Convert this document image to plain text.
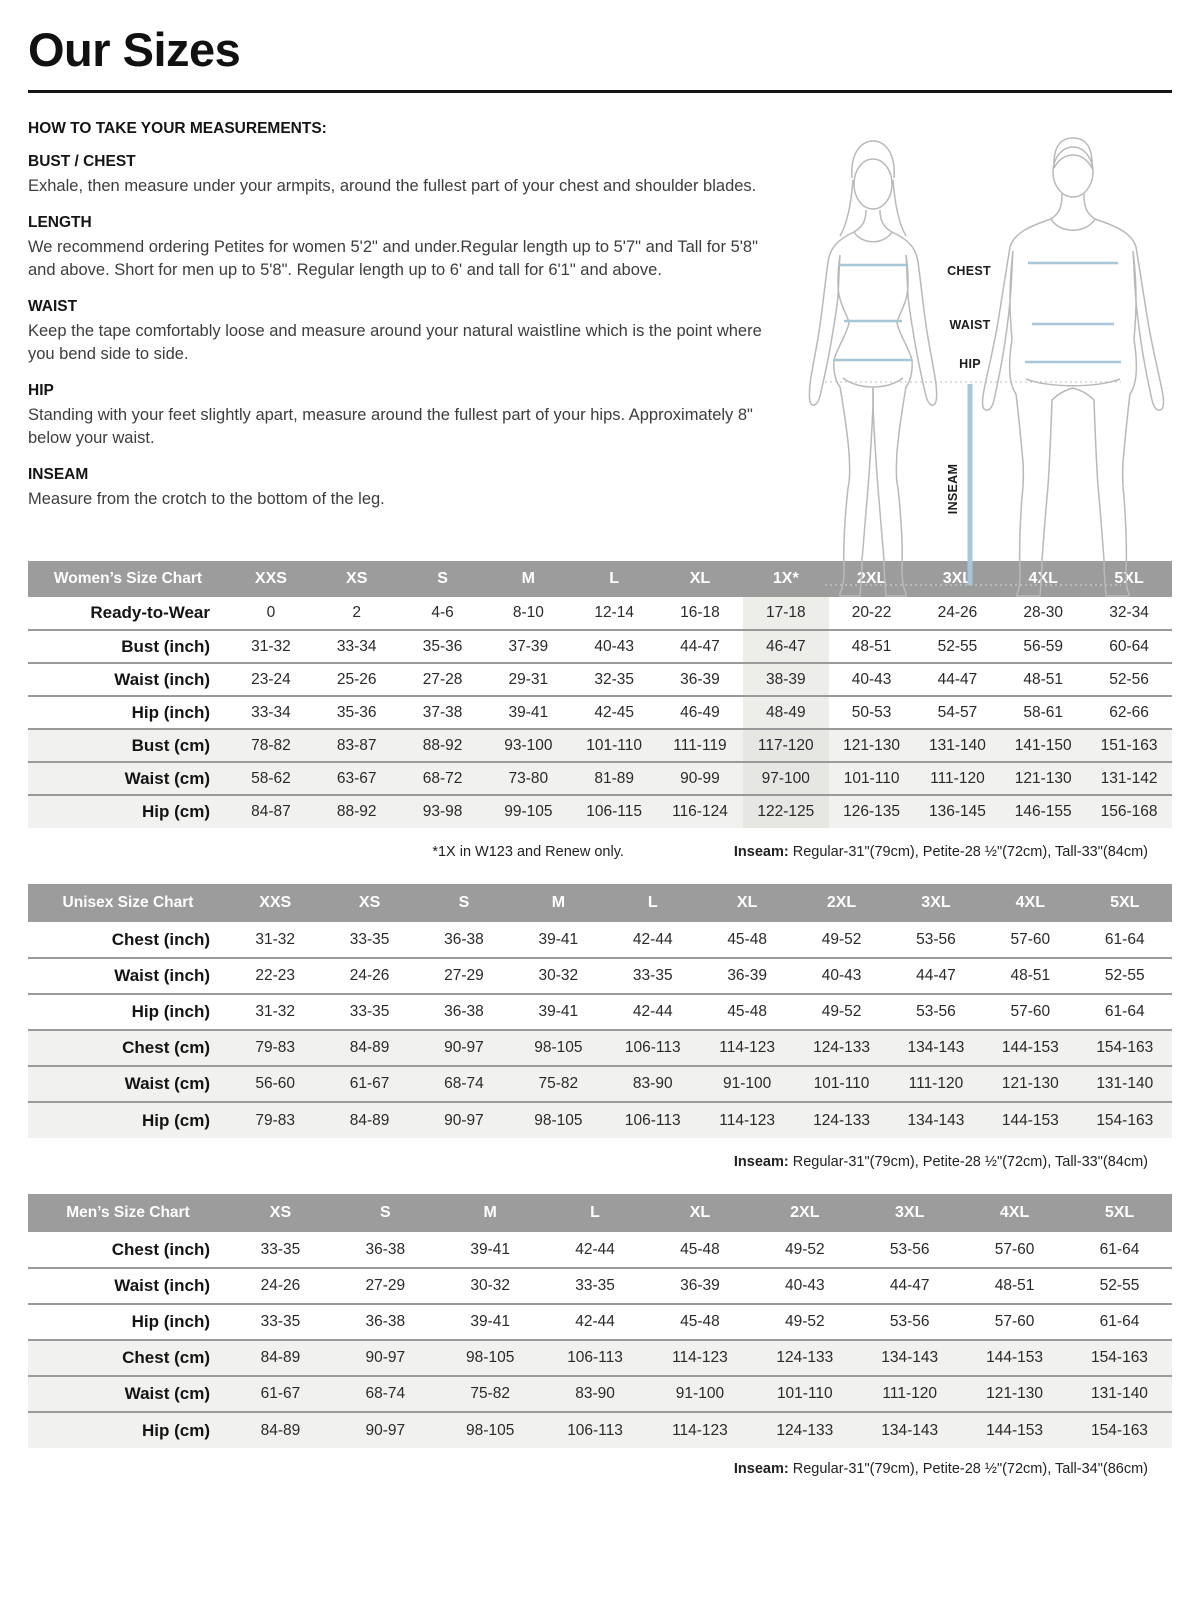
Our Sizes

HOW TO TAKE YOUR MEASUREMENTS:

BUST / CHEST

Exhale, then measure under your armpits, around the fullest part of your chest and shoulder blades.

LENGTH

We recommend ordering Petites for women 5'2" and under.Regular length up to 5'7" and Tall for 5'8" and above. Short for men up to 5'8". Regular length up to 6' and tall for 6'1" and above.

WAIST

Keep the tape comfortably loose and measure around your natural waistline which is the point where you bend side to side.

HIP

Standing with your feet slightly apart, measure around the fullest part of your hips. Approximately 8" below your waist.

INSEAM

Measure from the crotch to the bottom of the leg.

Women’s Size Chart	XXS	XS	S	M	L	XL	1X*	2XL	3XL	4XL	5XL
Ready-to-Wear	0	2	4-6	8-10	12-14	16-18	17-18	20-22	24-26	28-30	32-34
Bust (inch)	31-32	33-34	35-36	37-39	40-43	44-47	46-47	48-51	52-55	56-59	60-64
Waist (inch)	23-24	25-26	27-28	29-31	32-35	36-39	38-39	40-43	44-47	48-51	52-56
Hip (inch)	33-34	35-36	37-38	39-41	42-45	46-49	48-49	50-53	54-57	58-61	62-66
Bust (cm)	78-82	83-87	88-92	93-100	101-110	111-119	117-120	121-130	131-140	141-150	151-163
Waist (cm)	58-62	63-67	68-72	73-80	81-89	90-99	97-100	101-110	111-120	121-130	131-142
Hip (cm)	84-87	88-92	93-98	99-105	106-115	116-124	122-125	126-135	136-145	146-155	156-168
*1X in W123 and Renew only.	Inseam: Regular-31"(79cm), Petite-28 ½"(72cm), Tall-33"(84cm)
Unisex Size Chart	XXS	XS	S	M	L	XL	2XL	3XL	4XL	5XL
Chest (inch)	31-32	33-35	36-38	39-41	42-44	45-48	49-52	53-56	57-60	61-64
Waist (inch)	22-23	24-26	27-29	30-32	33-35	36-39	40-43	44-47	48-51	52-55
Hip (inch)	31-32	33-35	36-38	39-41	42-44	45-48	49-52	53-56	57-60	61-64
Chest (cm)	79-83	84-89	90-97	98-105	106-113	114-123	124-133	134-143	144-153	154-163
Waist (cm)	56-60	61-67	68-74	75-82	83-90	91-100	101-110	111-120	121-130	131-140
Hip (cm)	79-83	84-89	90-97	98-105	106-113	114-123	124-133	134-143	144-153	154-163
Inseam: Regular-31"(79cm), Petite-28 ½"(72cm), Tall-33"(84cm)
Men’s Size Chart	XS	S	M	L	XL	2XL	3XL	4XL	5XL
Chest (inch)	33-35	36-38	39-41	42-44	45-48	49-52	53-56	57-60	61-64
Waist (inch)	24-26	27-29	30-32	33-35	36-39	40-43	44-47	48-51	52-55
Hip (inch)	33-35	36-38	39-41	42-44	45-48	49-52	53-56	57-60	61-64
Chest (cm)	84-89	90-97	98-105	106-113	114-123	124-133	134-143	144-153	154-163
Waist (cm)	61-67	68-74	75-82	83-90	91-100	101-110	111-120	121-130	131-140
Hip (cm)	84-89	90-97	98-105	106-113	114-123	124-133	134-143	144-153	154-163
Inseam: Regular-31"(79cm), Petite-28 ½"(72cm), Tall-34"(86cm)
CHEST
WAIST
HIP
INSEAM
